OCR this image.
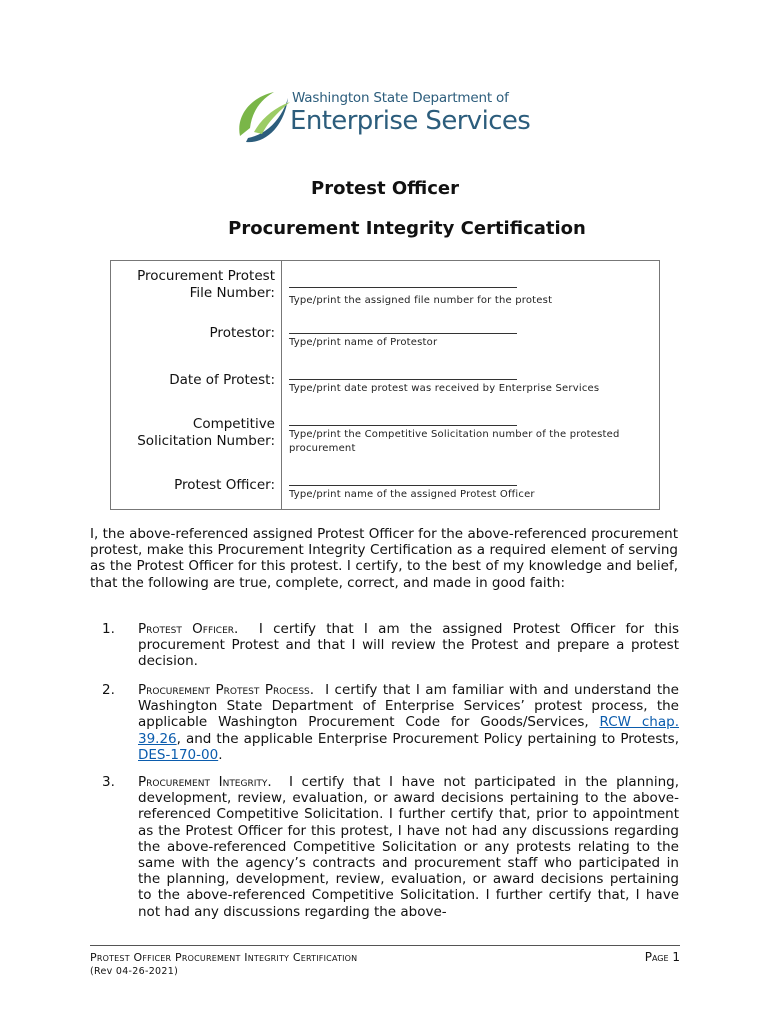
Washington State Department of
Enterprise Services
Protest Officer
Procurement Integrity Certification
Procurement Protest
File Number: Type/print the assigned file number for the protest
Protestor:
Type/print name of Protestor
Date of Protest:
Type/print date protest was received by Enterprise Services
Competitive
Solicitation Number: Type/print the Competitive Solicitation number of the protested
procurement
Protest Officer:
Type/print name of the assigned Protest Officer
I, the above-referenced assigned Protest Officer for the above-referenced procurement protest, make this Procurement Integrity Certification as a required element of serving as the Protest Officer for this protest. I certify, to the best of my knowledge and belief, that the following are true, complete, correct, and made in good faith:
1. Protest Officer. I certify that I am the assigned Protest Officer for this procurement Protest and that I will review the Protest and prepare a protest decision.
2. Procurement Protest Process. I certify that I am familiar with and understand the Washington State Department of Enterprise Services’ protest process, the applicable Washington Procurement Code for Goods/Services, RCW chap. 39.26, and the applicable Enterprise Procurement Policy pertaining to Protests, DES-170-00.
3. Procurement Integrity. I certify that I have not participated in the planning, development, review, evaluation, or award decisions pertaining to the above-referenced Competitive Solicitation. I further certify that, prior to appointment as the Protest Officer for this protest, I have not had any discussions regarding the above-referenced Competitive Solicitation or any protests relating to the same with the agency’s contracts and procurement staff who participated in the planning, development, review, evaluation, or award decisions pertaining to the above-referenced Competitive Solicitation. I further certify that, I have not had any discussions regarding the above-
Protest Officer Procurement Integrity Certification	Page 1
(Rev 04-26-2021)
